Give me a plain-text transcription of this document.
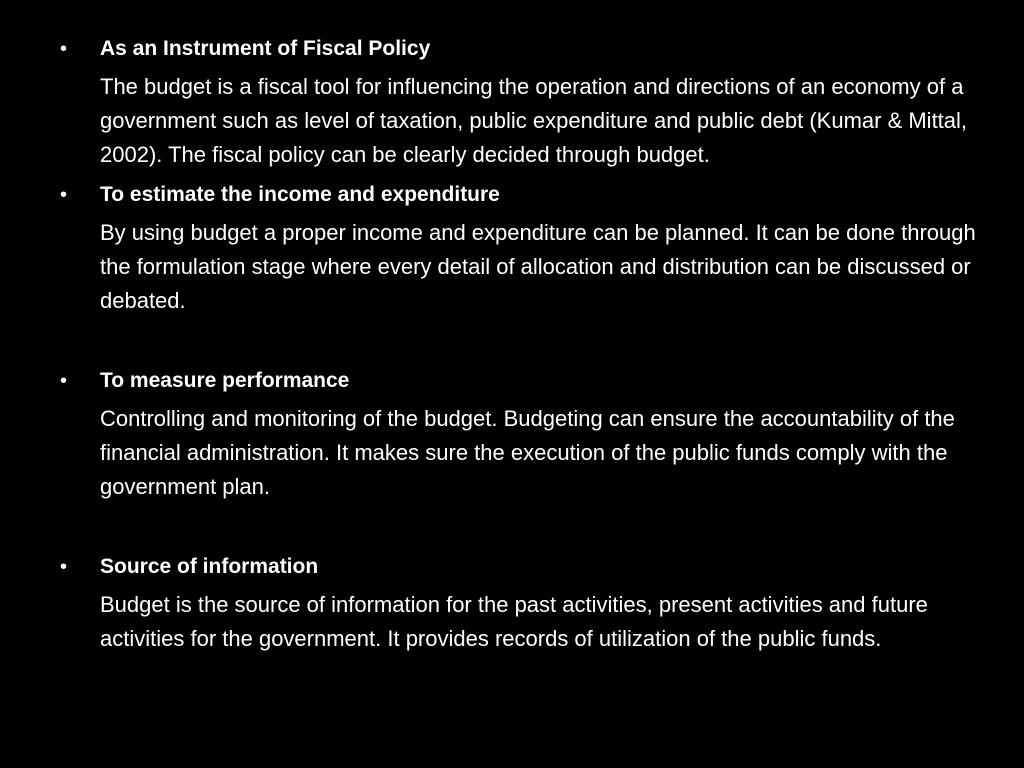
• As an Instrument of Fiscal Policy
The budget is a fiscal tool for influencing the operation and directions of an economy of a government such as level of taxation, public expenditure and public debt (Kumar & Mittal, 2002). The fiscal policy can be clearly decided through budget.
• To estimate the income and expenditure
By using budget a proper income and expenditure can be planned. It can be done through the formulation stage where every detail of allocation and distribution can be discussed or debated.
• To measure performance
Controlling and monitoring of the budget. Budgeting can ensure the accountability of the financial administration. It makes sure the execution of the public funds comply with the government plan.
• Source of information
Budget is the source of information for the past activities, present activities and future activities for the government. It provides records of utilization of the public funds.
